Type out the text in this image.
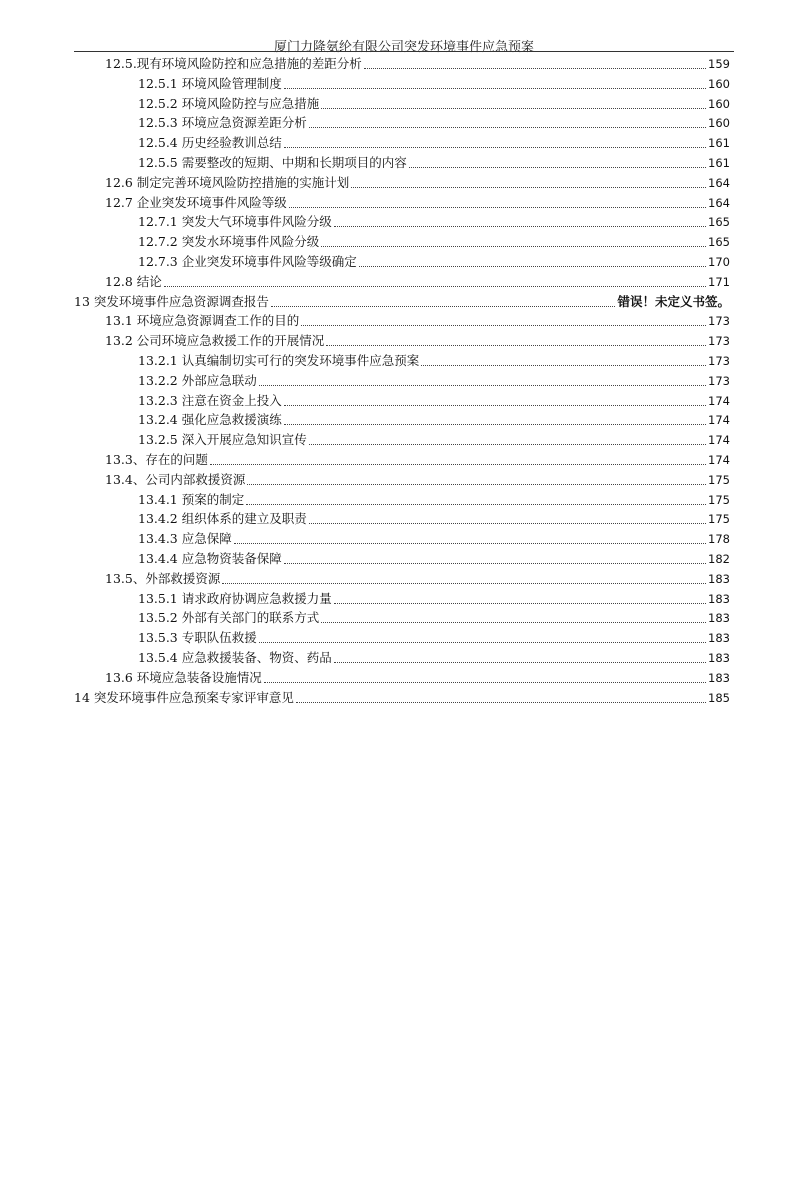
厦门力隆氨纶有限公司突发环境事件应急预案
12.5.现有环境风险防控和应急措施的差距分析	159
12.5.1 环境风险管理制度	160
12.5.2 环境风险防控与应急措施	160
12.5.3 环境应急资源差距分析	160
12.5.4 历史经验教训总结	161
12.5.5 需要整改的短期、中期和长期项目的内容	161
12.6 制定完善环境风险防控措施的实施计划	164
12.7 企业突发环境事件风险等级	164
12.7.1 突发大气环境事件风险分级	165
12.7.2 突发水环境事件风险分级	165
12.7.3 企业突发环境事件风险等级确定	170
12.8 结论	171
13 突发环境事件应急资源调查报告	错误！未定义书签。
13.1 环境应急资源调查工作的目的	173
13.2 公司环境应急救援工作的开展情况	173
13.2.1 认真编制切实可行的突发环境事件应急预案	173
13.2.2 外部应急联动	173
13.2.3 注意在资金上投入	174
13.2.4 强化应急救援演练	174
13.2.5 深入开展应急知识宣传	174
13.3、存在的问题	174
13.4、公司内部救援资源	175
13.4.1 预案的制定	175
13.4.2 组织体系的建立及职责	175
13.4.3 应急保障	178
13.4.4 应急物资装备保障	182
13.5、外部救援资源	183
13.5.1 请求政府协调应急救援力量	183
13.5.2 外部有关部门的联系方式	183
13.5.3 专职队伍救援	183
13.5.4 应急救援装备、物资、药品	183
13.6 环境应急装备设施情况	183
14 突发环境事件应急预案专家评审意见	185
